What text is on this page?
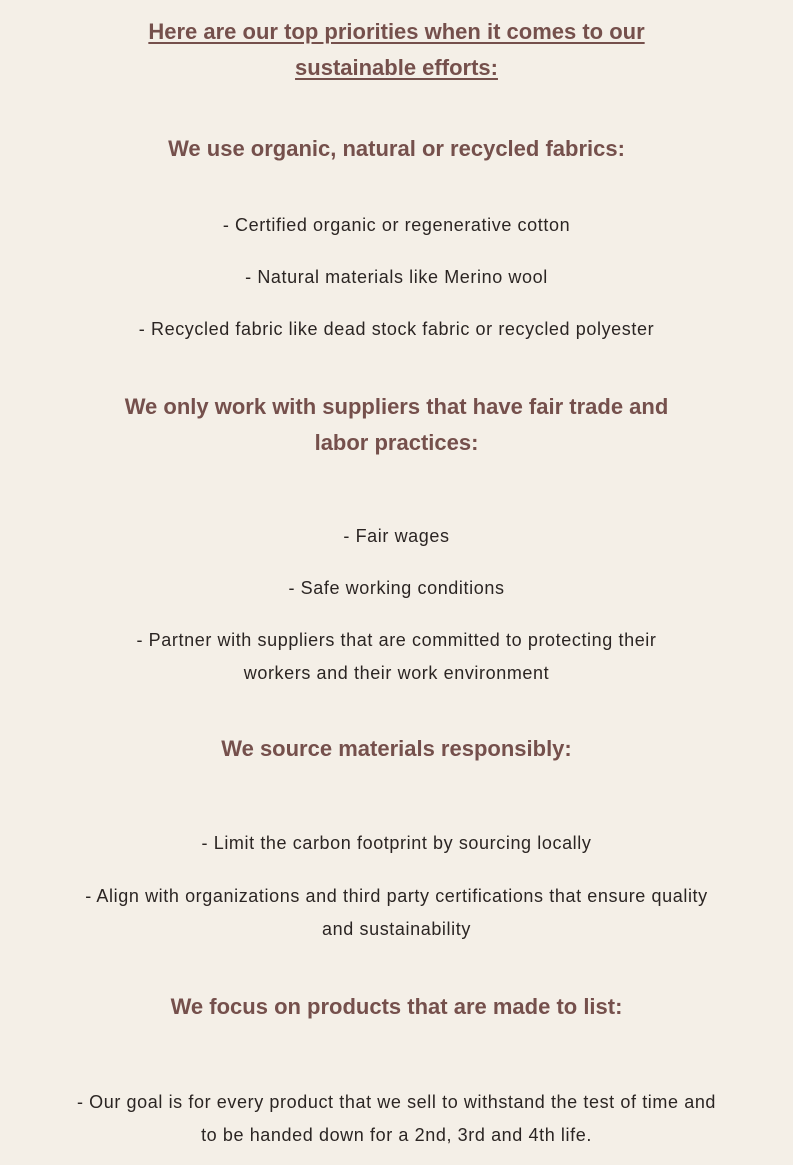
Here are our top priorities when it comes to our sustainable efforts:

We use organic, natural or recycled fabrics:

- Certified organic or regenerative cotton

- Natural materials like Merino wool

- Recycled fabric like dead stock fabric or recycled polyester

We only work with suppliers that have fair trade and labor practices:

- Fair wages

- Safe working conditions

- Partner with suppliers that are committed to protecting their workers and their work environment

We source materials responsibly:

- Limit the carbon footprint by sourcing locally

- Align with organizations and third party certifications that ensure quality and sustainability

We focus on products that are made to list:

- Our goal is for every product that we sell to withstand the test of time and to be handed down for a 2nd, 3rd and 4th life.
